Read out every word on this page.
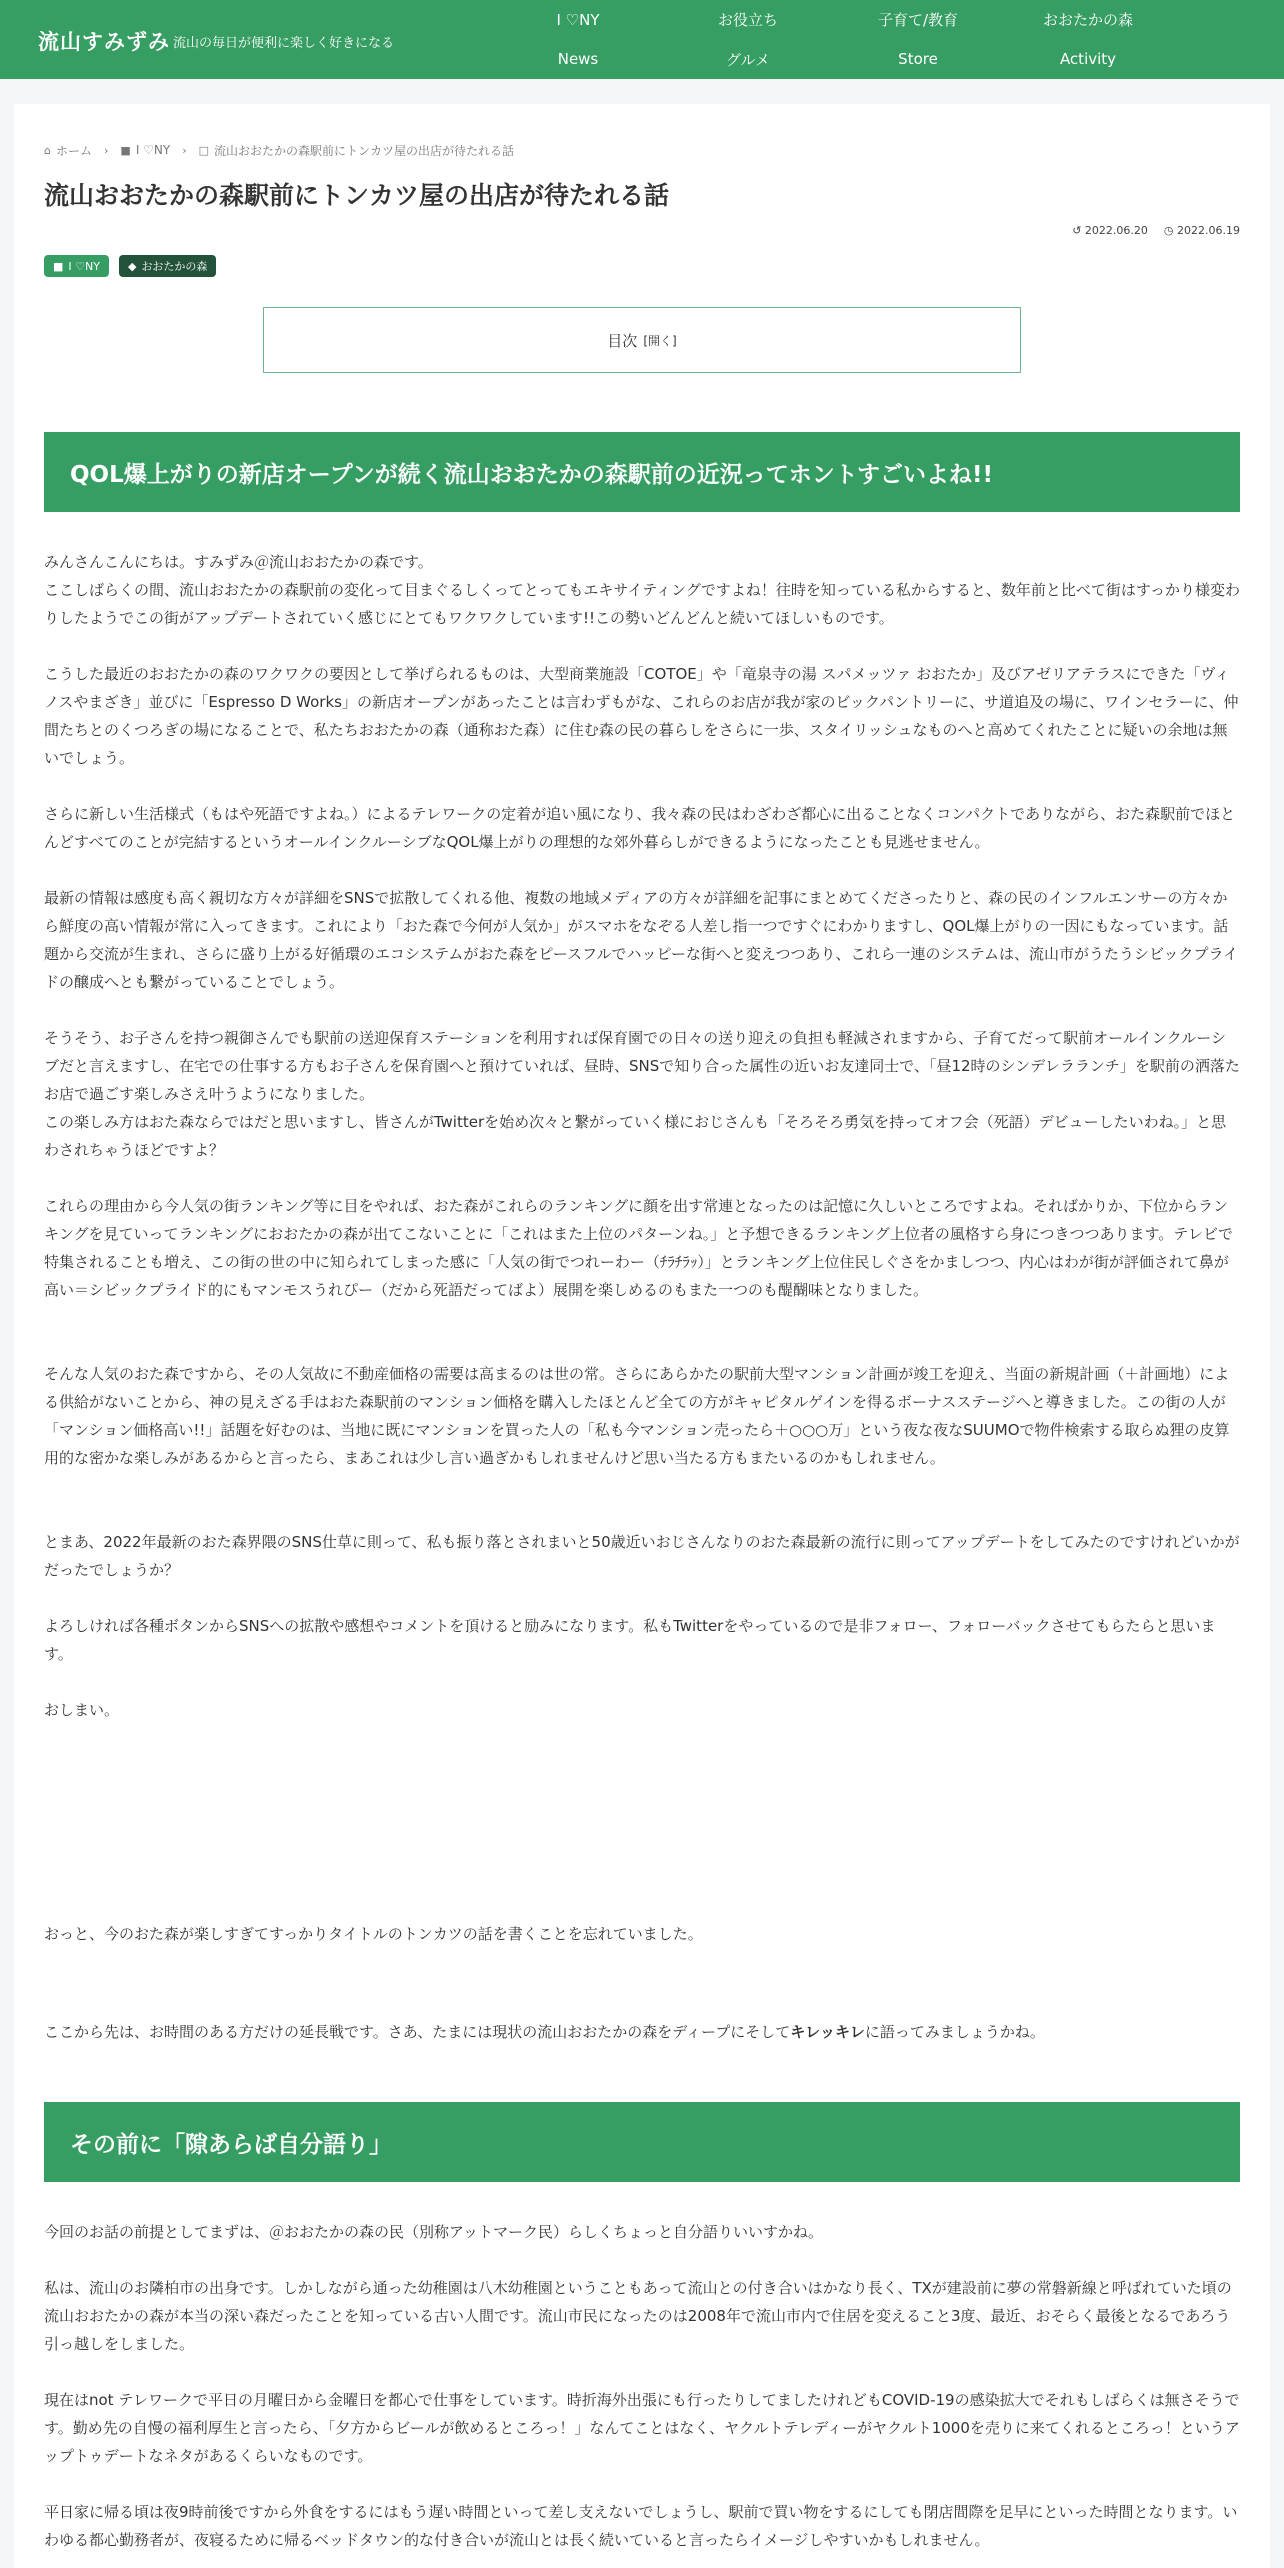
流山すみずみ 流山の毎日が便利に楽しく好きになる
I ♡NY	お役立ち	子育て/教育	おおたかの森
News	グルメ	Store	Activity
⌂ ホーム › ■ I ♡NY › □ 流山おおたかの森駅前にトンカツ屋の出店が待たれる話
流山おおたかの森駅前にトンカツ屋の出店が待たれる話
↺ 2022.06.20 ◷ 2022.06.19
■ I ♡NY	◆ おおたかの森
目次 [開く]
QOL爆上がりの新店オープンが続く流山おおたかの森駅前の近況ってホントすごいよね!!

みんさんこんにちは。すみずみ＠流山おおたかの森です。
ここしばらくの間、流山おおたかの森駅前の変化って目まぐるしくってとってもエキサイティングですよね！往時を知っている私からすると、数年前と比べて街はすっかり様変わりしたようでこの街がアップデートされていく感じにとてもワクワクしています!!この勢いどんどんと続いてほしいものです。

こうした最近のおおたかの森のワクワクの要因として挙げられるものは、大型商業施設「COTOE」や「竜泉寺の湯 スパメッツァ おおたか」及びアゼリアテラスにできた「ヴィノスやまざき」並びに「Espresso D Works」の新店オープンがあったことは言わずもがな、これらのお店が我が家のビックパントリーに、サ道追及の場に、ワインセラーに、仲間たちとのくつろぎの場になることで、私たちおおたかの森（通称おた森）に住む森の民の暮らしをさらに一歩、スタイリッシュなものへと高めてくれたことに疑いの余地は無いでしょう。

さらに新しい生活様式（もはや死語ですよね。）によるテレワークの定着が追い風になり、我々森の民はわざわざ都心に出ることなくコンパクトでありながら、おた森駅前でほとんどすべてのことが完結するというオールインクルーシブなQOL爆上がりの理想的な郊外暮らしができるようになったことも見逃せません。

最新の情報は感度も高く親切な方々が詳細をSNSで拡散してくれる他、複数の地域メディアの方々が詳細を記事にまとめてくださったりと、森の民のインフルエンサーの方々から鮮度の高い情報が常に入ってきます。これにより「おた森で今何が人気か」がスマホをなぞる人差し指一つですぐにわかりますし、QOL爆上がりの一因にもなっています。話題から交流が生まれ、さらに盛り上がる好循環のエコシステムがおた森をピースフルでハッピーな街へと変えつつあり、これら一連のシステムは、流山市がうたうシビックプライドの醸成へとも繋がっていることでしょう。

そうそう、お子さんを持つ親御さんでも駅前の送迎保育ステーションを利用すれば保育園での日々の送り迎えの負担も軽減されますから、子育てだって駅前オールインクルーシブだと言えますし、在宅での仕事する方もお子さんを保育園へと預けていれば、昼時、SNSで知り合った属性の近いお友達同士で、「昼12時のシンデレラランチ」を駅前の洒落たお店で過ごす楽しみさえ叶うようになりました。
この楽しみ方はおた森ならではだと思いますし、皆さんがTwitterを始め次々と繋がっていく様におじさんも「そろそろ勇気を持ってオフ会（死語）デビューしたいわね。」と思わされちゃうほどですよ？

これらの理由から今人気の街ランキング等に目をやれば、おた森がこれらのランキングに顔を出す常連となったのは記憶に久しいところですよね。そればかりか、下位からランキングを見ていってランキングにおおたかの森が出てこないことに「これはまた上位のパターンね。」と予想できるランキング上位者の風格すら身につきつつあります。テレビで特集されることも増え、この街の世の中に知られてしまった感に「人気の街でつれーわー（ﾁﾗﾁﾗｯ）」とランキング上位住民しぐさをかましつつ、内心はわが街が評価されて鼻が高い＝シビックプライド的にもマンモスうれぴー（だから死語だってばよ）展開を楽しめるのもまた一つのも醍醐味となりました。

そんな人気のおた森ですから、その人気故に不動産価格の需要は高まるのは世の常。さらにあらかたの駅前大型マンション計画が竣工を迎え、当面の新規計画（＋計画地）による供給がないことから、神の見えざる手はおた森駅前のマンション価格を購入したほとんど全ての方がキャピタルゲインを得るボーナスステージへと導きました。この街の人が「マンション価格高い!!」話題を好むのは、当地に既にマンションを買った人の「私も今マンション売ったら＋○○○万」という夜な夜なSUUMOで物件検索する取らぬ狸の皮算用的な密かな楽しみがあるからと言ったら、まあこれは少し言い過ぎかもしれませんけど思い当たる方もまたいるのかもしれません。

とまあ、2022年最新のおた森界隈のSNS仕草に則って、私も振り落とされまいと50歳近いおじさんなりのおた森最新の流行に則ってアップデートをしてみたのですけれどいかがだったでしょうか？

よろしければ各種ボタンからSNSへの拡散や感想やコメントを頂けると励みになります。私もTwitterをやっているので是非フォロー、フォローバックさせてもらたらと思います。

おしまい。

おっと、今のおた森が楽しすぎてすっかりタイトルのトンカツの話を書くことを忘れていました。

ここから先は、お時間のある方だけの延長戦です。さあ、たまには現状の流山おおたかの森をディープにそしてキレッキレに語ってみましょうかね。

その前に「隙あらば自分語り」

今回のお話の前提としてまずは、＠おおたかの森の民（別称アットマーク民）らしくちょっと自分語りいいすかね。

私は、流山のお隣柏市の出身です。しかしながら通った幼稚園は八木幼稚園ということもあって流山との付き合いはかなり長く、TXが建設前に夢の常磐新線と呼ばれていた頃の流山おおたかの森が本当の深い森だったことを知っている古い人間です。流山市民になったのは2008年で流山市内で住居を変えること3度、最近、おそらく最後となるであろう引っ越しをしました。

現在はnot テレワークで平日の月曜日から金曜日を都心で仕事をしています。時折海外出張にも行ったりしてましたけれどもCOVID-19の感染拡大でそれもしばらくは無さそうです。勤め先の自慢の福利厚生と言ったら、「夕方からビールが飲めるところっ！」なんてことはなく、ヤクルトテレディーがヤクルト1000を売りに来てくれるところっ！というアップトゥデートなネタがあるくらいなものです。

平日家に帰る頃は夜9時前後ですから外食をするにはもう遅い時間といって差し支えないでしょうし、駅前で買い物をするにしても閉店間際を足早にといった時間となります。いわゆる都心勤務者が、夜寝るために帰るベッドタウン的な付き合いが流山とは長く続いていると言ったらイメージしやすいかもしれません。
